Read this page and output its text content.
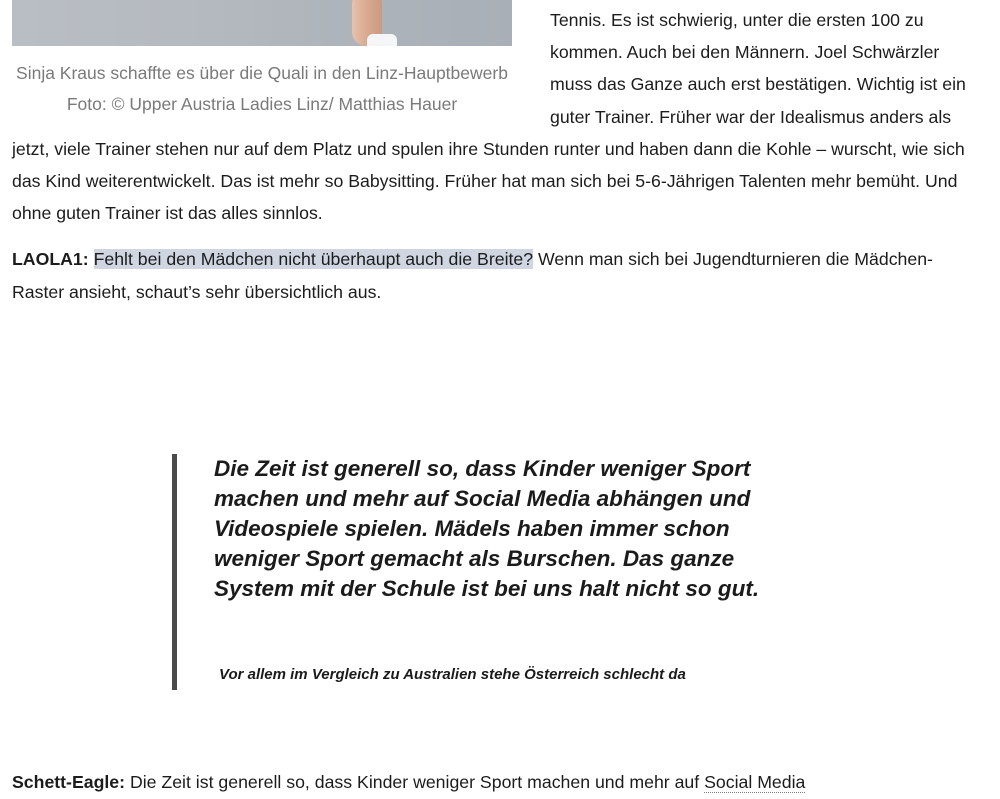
Sinja Kraus schaffte es über die Quali in den Linz-Hauptbewerb

Foto: © Upper Austria Ladies Linz/ Matthias Hauer

Tennis. Es ist schwierig, unter die ersten 100 zu kommen. Auch bei den Männern. Joel Schwärzler muss das Ganze auch erst bestätigen. Wichtig ist ein guter Trainer. Früher war der Idealismus anders als jetzt, viele Trainer stehen nur auf dem Platz und spulen ihre Stunden runter und haben dann die Kohle – wurscht, wie sich das Kind weiterentwickelt. Das ist mehr so Babysitting. Früher hat man sich bei 5-6-Jährigen Talenten mehr bemüht. Und ohne guten Trainer ist das alles sinnlos.

LAOLA1: Fehlt bei den Mädchen nicht überhaupt auch die Breite? Wenn man sich bei Jugendturnieren die Mädchen-Raster ansieht, schaut’s sehr übersichtlich aus.

Die Zeit ist generell so, dass Kinder weniger Sport machen und mehr auf Social Media abhängen und Videospiele spielen. Mädels haben immer schon weniger Sport gemacht als Burschen. Das ganze System mit der Schule ist bei uns halt nicht so gut.

Vor allem im Vergleich zu Australien stehe Österreich schlecht da

Schett-Eagle: Die Zeit ist generell so, dass Kinder weniger Sport machen und mehr auf Social Media
